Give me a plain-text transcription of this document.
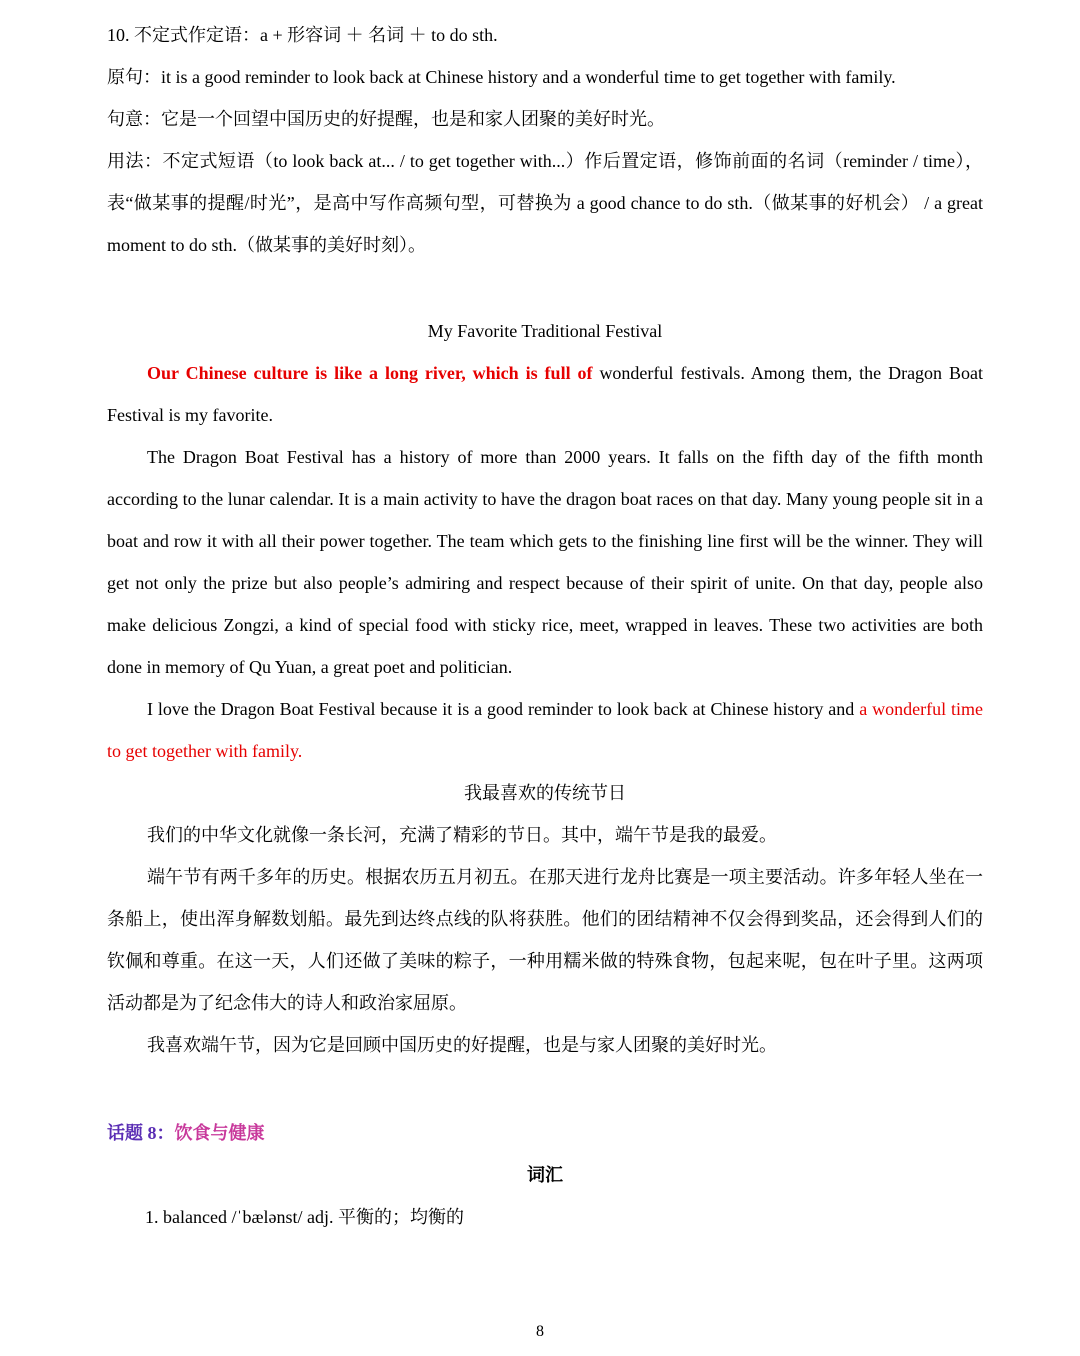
10. 不定式作定语：a + 形容词 ＋ 名词 ＋ to do sth.

原句：it is a good reminder to look back at Chinese history and a wonderful time to get together with family.

句意：它是一个回望中国历史的好提醒，也是和家人团聚的美好时光。

用法：不定式短语（to look back at... / to get together with...）作后置定语，修饰前面的名词（reminder / time），表“做某事的提醒/时光”，是高中写作高频句型，可替换为 a good chance to do sth.（做某事的好机会） / a great moment to do sth.（做某事的美好时刻）。

My Favorite Traditional Festival

Our Chinese culture is like a long river, which is full of wonderful festivals. Among them, the Dragon Boat Festival is my favorite.

The Dragon Boat Festival has a history of more than 2000 years. It falls on the fifth day of the fifth month according to the lunar calendar. It is a main activity to have the dragon boat races on that day. Many young people sit in a boat and row it with all their power together. The team which gets to the finishing line first will be the winner. They will get not only the prize but also people’s admiring and respect because of their spirit of unite. On that day, people also make delicious Zongzi, a kind of special food with sticky rice, meet, wrapped in leaves. These two activities are both done in memory of Qu Yuan, a great poet and politician.

I love the Dragon Boat Festival because it is a good reminder to look back at Chinese history and a wonderful time to get together with family.

我最喜欢的传统节日

我们的中华文化就像一条长河，充满了精彩的节日。其中，端午节是我的最爱。

端午节有两千多年的历史。根据农历五月初五。在那天进行龙舟比赛是一项主要活动。许多年轻人坐在一条船上，使出浑身解数划船。最先到达终点线的队将获胜。他们的团结精神不仅会得到奖品，还会得到人们的钦佩和尊重。在这一天，人们还做了美味的粽子，一种用糯米做的特殊食物，包起来呢，包在叶子里。这两项活动都是为了纪念伟大的诗人和政治家屈原。

我喜欢端午节，因为它是回顾中国历史的好提醒，也是与家人团聚的美好时光。

话题 8：饮食与健康

词汇

1. balanced /ˈbælənst/ adj. 平衡的；均衡的

8
